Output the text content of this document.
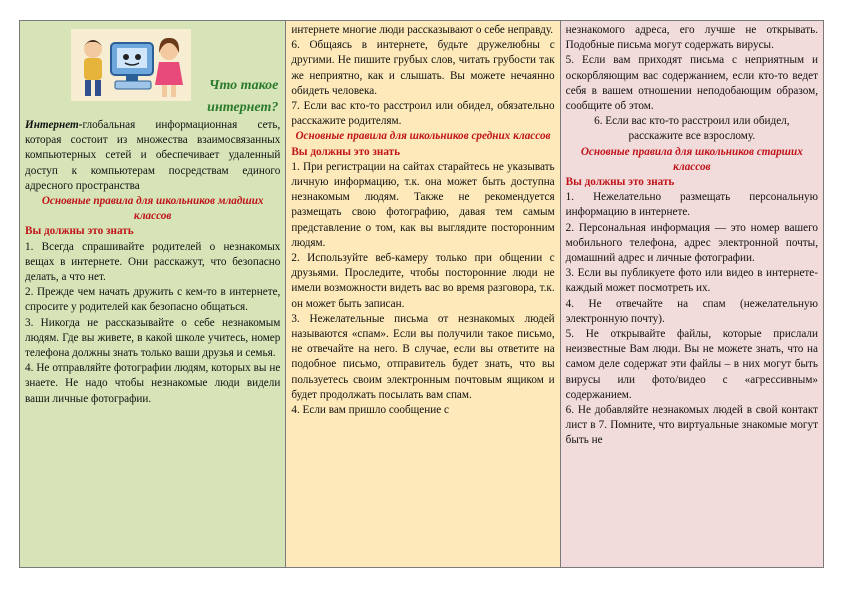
Что такое
интернет?

Интернет-глобальная информационная сеть, которая состоит из множества взаимосвязанных компьютерных сетей и обеспечивает удаленный доступ к компьютерам посредствам единого адресного пространства

Основные правила для школьников младших классов

Вы должны это знать

1. Всегда спрашивайте родителей о незнакомых вещах в интернете. Они расскажут, что безопасно делать, а что нет.

2. Прежде чем начать дружить с кем-то в интернете, спросите у родителей как безопасно общаться.

3. Никогда не рассказывайте о себе незнакомым людям. Где вы живете, в какой школе учитесь, номер телефона должны знать только ваши друзья и семья.

4. Не отправляйте фотографии людям, которых вы не знаете. Не надо чтобы незнакомые люди видели ваши личные фотографии.

интернете многие люди рассказывают о себе неправду.

6. Общаясь в интернете, будьте дружелюбны с другими. Не пишите грубых слов, читать грубости так же неприятно, как и слышать. Вы можете нечаянно обидеть человека.

7. Если вас кто-то расстроил или обидел, обязательно расскажите родителям.

Основные правила для школьников средних классов

Вы должны это знать

1. При регистрации на сайтах старайтесь не указывать личную информацию, т.к. она может быть доступна незнакомым людям. Также не рекомендуется размещать свою фотографию, давая тем самым представление о том, как вы выглядите посторонним людям.

2. Используйте веб-камеру только при общении с друзьями. Проследите, чтобы посторонние люди не имели возможности видеть вас во время разговора, т.к. он может быть записан.

3. Нежелательные письма от незнакомых людей называются «спам». Если вы получили такое письмо, не отвечайте на него. В случае, если вы ответите на подобное письмо, отправитель будет знать, что вы пользуетесь своим электронным почтовым ящиком и будет продолжать посылать вам спам.

4. Если вам пришло сообщение с

незнакомого адреса, его лучше не открывать. Подобные письма могут содержать вирусы.

5. Если вам приходят письма с неприятным и оскорбляющим вас содержанием, если кто-то ведет себя в вашем отношении неподобающим образом, сообщите об этом.

6. Если вас кто-то расстроил или обидел, расскажите все взрослому.

Основные правила для школьников старших классов

Вы должны это знать

1. Нежелательно размещать персональную информацию в интернете.

2. Персональная информация — это номер вашего мобильного телефона, адрес электронной почты, домашний адрес и личные фотографии.

3. Если вы публикуете фото или видео в интернете-каждый может посмотреть их.

4. Не отвечайте на спам (нежелательную электронную почту).

5. Не открывайте файлы, которые прислали неизвестные Вам люди. Вы не можете знать, что на самом деле содержат эти файлы – в них могут быть вирусы или фото/видео с «агрессивным» содержанием.

6. Не добавляйте незнакомых людей в свой контакт лист в 7. Помните, что виртуальные знакомые могут быть не
